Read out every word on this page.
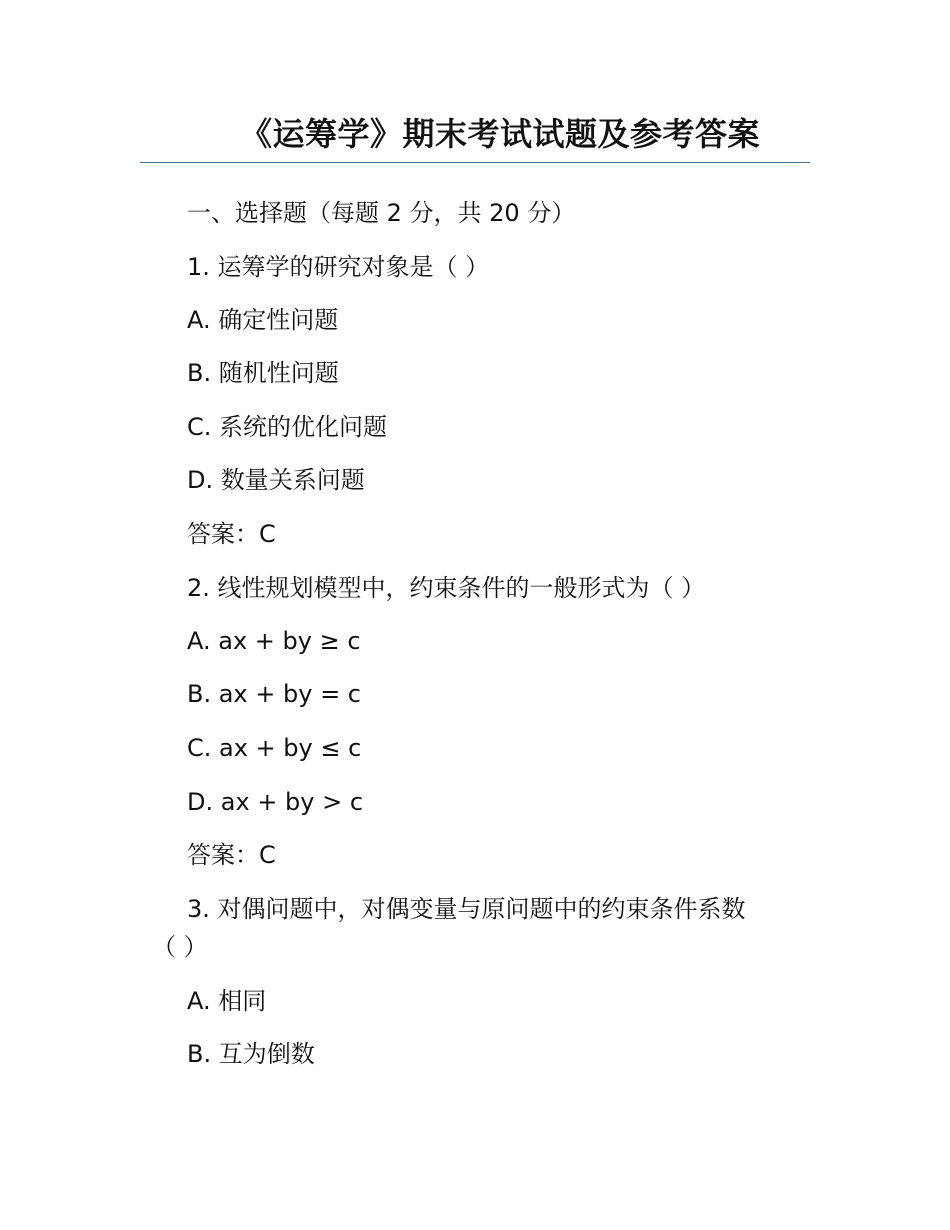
《运筹学》期末考试试题及参考答案
一、选择题（每题 2 分，共 20 分）
1. 运筹学的研究对象是（ ）
A. 确定性问题
B. 随机性问题
C. 系统的优化问题
D. 数量关系问题
答案：C
2. 线性规划模型中，约束条件的一般形式为（ ）
A. ax + by ≥ c
B. ax + by = c
C. ax + by ≤ c
D. ax + by > c
答案：C
3. 对偶问题中，对偶变量与原问题中的约束条件系数
（ ）
A. 相同
B. 互为倒数
